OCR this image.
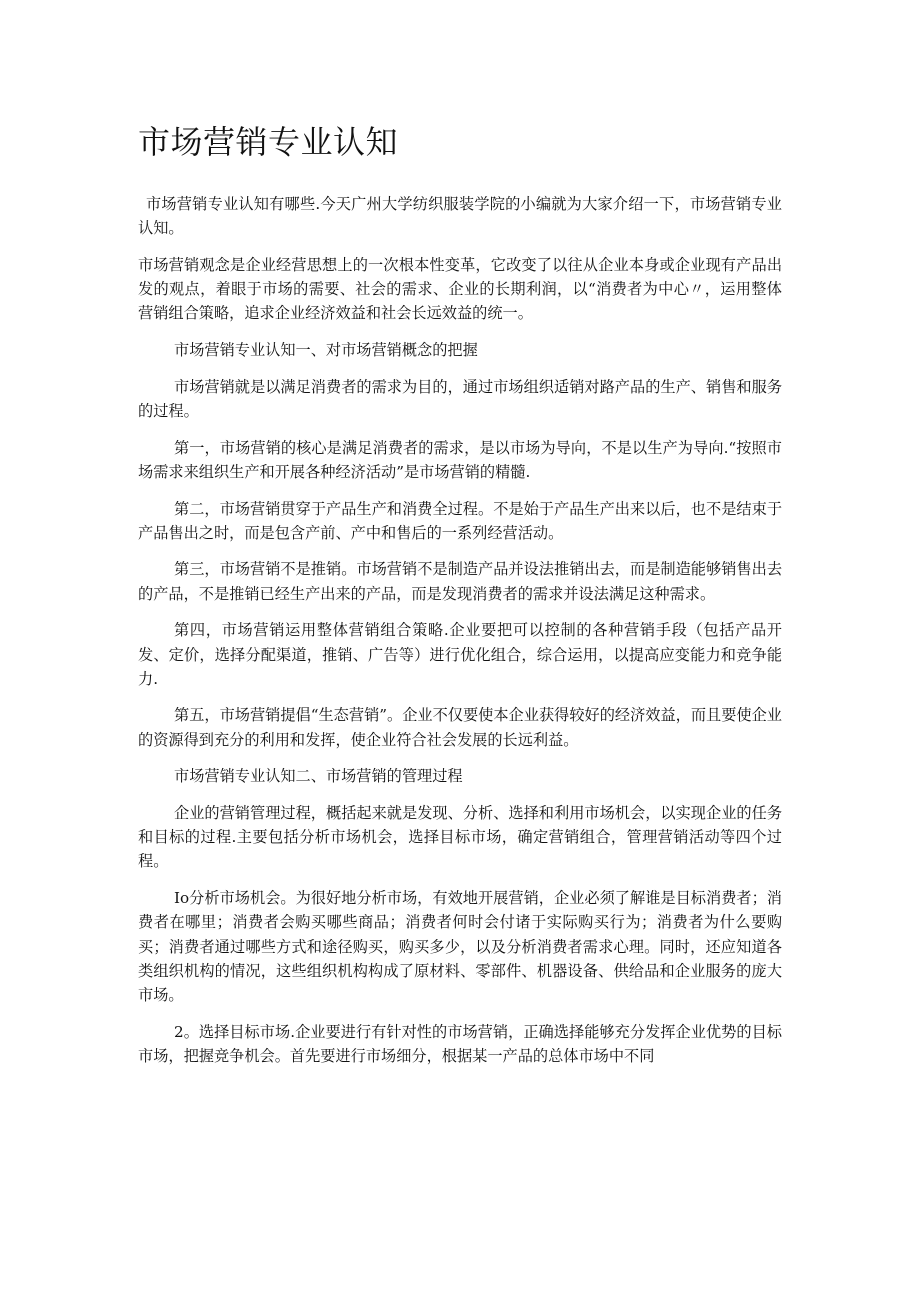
市场营销专业认知

市场营销专业认知有哪些.今天广州大学纺织服装学院的小编就为大家介绍一下，市场营销专业认知。

市场营销观念是企业经营思想上的一次根本性变革，它改变了以往从企业本身或企业现有产品出发的观点，着眼于市场的需要、社会的需求、企业的长期利润，以“消费者为中心〃，运用整体营销组合策略，追求企业经济效益和社会长远效益的统一。

市场营销专业认知一、对市场营销概念的把握

市场营销就是以满足消费者的需求为目的，通过市场组织适销对路产品的生产、销售和服务的过程。

第一，市场营销的核心是满足消费者的需求，是以市场为导向，不是以生产为导向.“按照市场需求来组织生产和开展各种经济活动”是市场营销的精髓.

第二，市场营销贯穿于产品生产和消费全过程。不是始于产品生产出来以后，也不是结束于产品售出之时，而是包含产前、产中和售后的一系列经营活动。

第三，市场营销不是推销。市场营销不是制造产品并设法推销出去，而是制造能够销售出去的产品，不是推销已经生产出来的产品，而是发现消费者的需求并设法满足这种需求。

第四，市场营销运用整体营销组合策略.企业要把可以控制的各种营销手段（包括产品开发、定价，选择分配渠道，推销、广告等）进行优化组合，综合运用，以提高应变能力和竞争能力.

第五，市场营销提倡“生态营销”。企业不仅要使本企业获得较好的经济效益，而且要使企业的资源得到充分的利用和发挥，使企业符合社会发展的长远利益。

市场营销专业认知二、市场营销的管理过程

企业的营销管理过程，概括起来就是发现、分析、选择和利用市场机会，以实现企业的任务和目标的过程.主要包括分析市场机会，选择目标市场，确定营销组合，管理营销活动等四个过程。

Io分析市场机会。为很好地分析市场，有效地开展营销，企业必须了解谁是目标消费者；消费者在哪里；消费者会购买哪些商品；消费者何时会付诸于实际购买行为；消费者为什么要购买；消费者通过哪些方式和途径购买，购买多少，以及分析消费者需求心理。同时，还应知道各类组织机构的情况，这些组织机构构成了原材料、零部件、机器设备、供给品和企业服务的庞大市场。

2。选择目标市场.企业要进行有针对性的市场营销，正确选择能够充分发挥企业优势的目标市场，把握竞争机会。首先要进行市场细分，根据某一产品的总体市场中不同
